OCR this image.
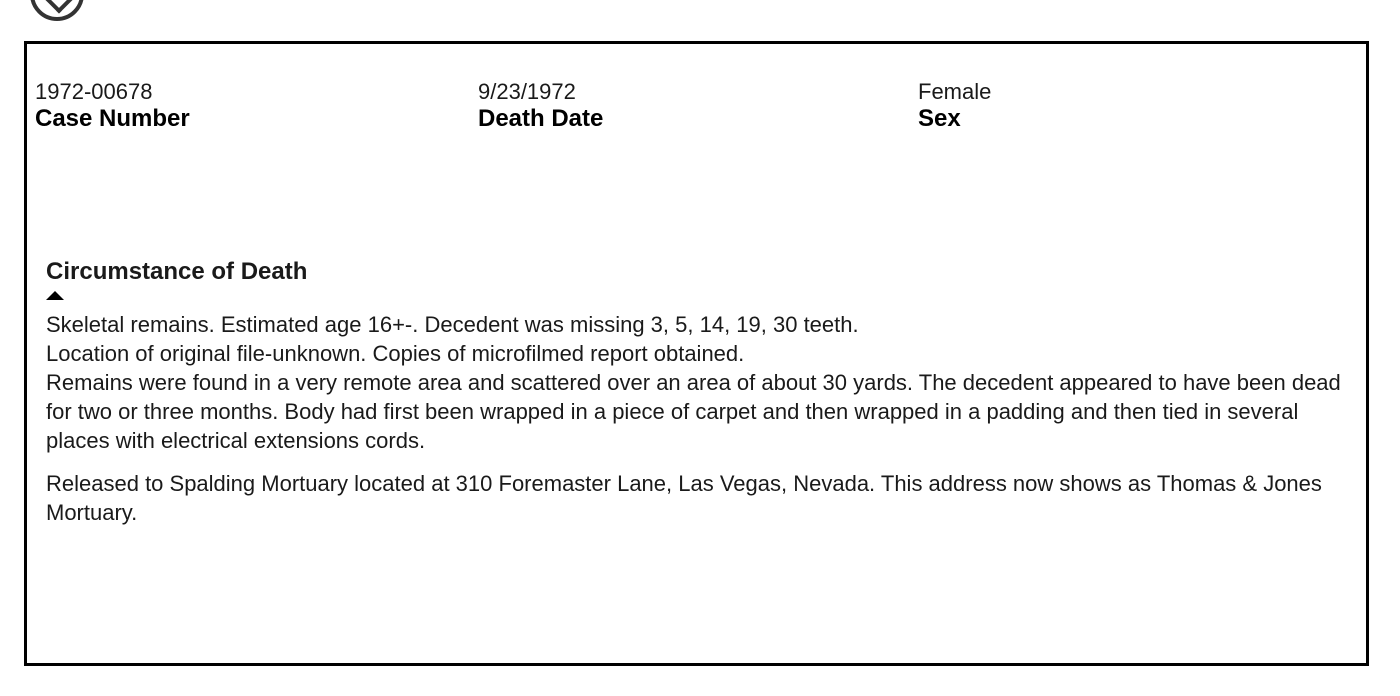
1972-00678
Case Number
9/23/1972
Death Date
Female
Sex
Circumstance of Death

Skeletal remains. Estimated age 16+-. Decedent was missing 3, 5, 14, 19, 30 teeth.

Location of original file-unknown. Copies of microfilmed report obtained.

Remains were found in a very remote area and scattered over an area of about 30 yards. The decedent appeared to have been dead for two or three months. Body had first been wrapped in a piece of carpet and then wrapped in a padding and then tied in several places with electrical extensions cords.

Released to Spalding Mortuary located at 310 Foremaster Lane, Las Vegas, Nevada. This address now shows as Thomas & Jones Mortuary.
